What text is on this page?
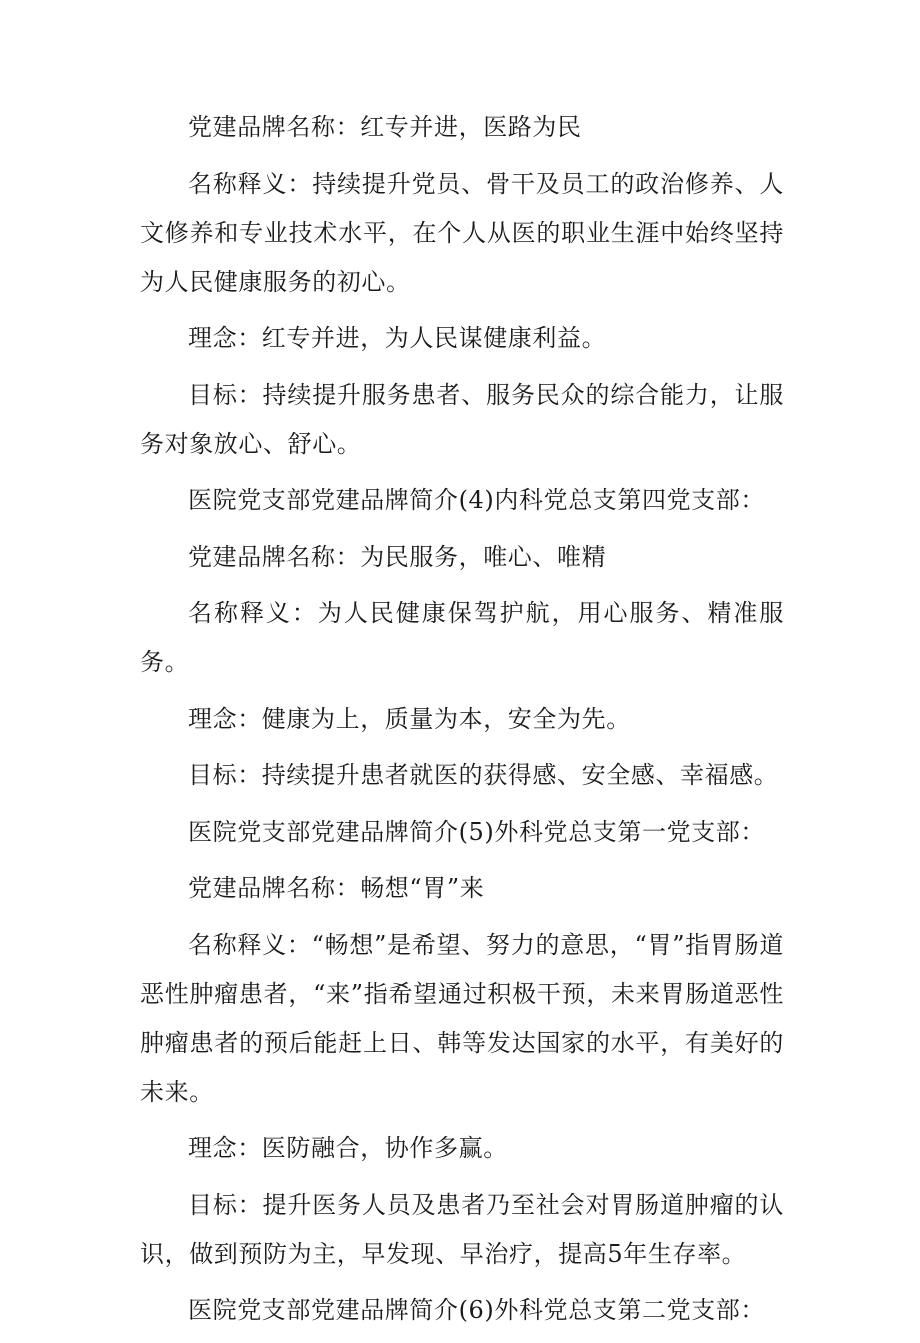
党建品牌名称：红专并进，医路为民

名称释义：持续提升党员、骨干及员工的政治修养、人文修养和专业技术水平，在个人从医的职业生涯中始终坚持为人民健康服务的初心。

理念：红专并进，为人民谋健康利益。

目标：持续提升服务患者、服务民众的综合能力，让服务对象放心、舒心。

医院党支部党建品牌简介(4)内科党总支第四党支部：

党建品牌名称：为民服务，唯心、唯精

名称释义：为人民健康保驾护航，用心服务、精准服务。

理念：健康为上，质量为本，安全为先。

目标：持续提升患者就医的获得感、安全感、幸福感。

医院党支部党建品牌简介(5)外科党总支第一党支部：

党建品牌名称：畅想“胃”来

名称释义：“畅想”是希望、努力的意思，“胃”指胃肠道恶性肿瘤患者，“来”指希望通过积极干预，未来胃肠道恶性肿瘤患者的预后能赶上日、韩等发达国家的水平，有美好的未来。

理念：医防融合，协作多赢。

目标：提升医务人员及患者乃至社会对胃肠道肿瘤的认识，做到预防为主，早发现、早治疗，提高5年生存率。

医院党支部党建品牌简介(6)外科党总支第二党支部：
